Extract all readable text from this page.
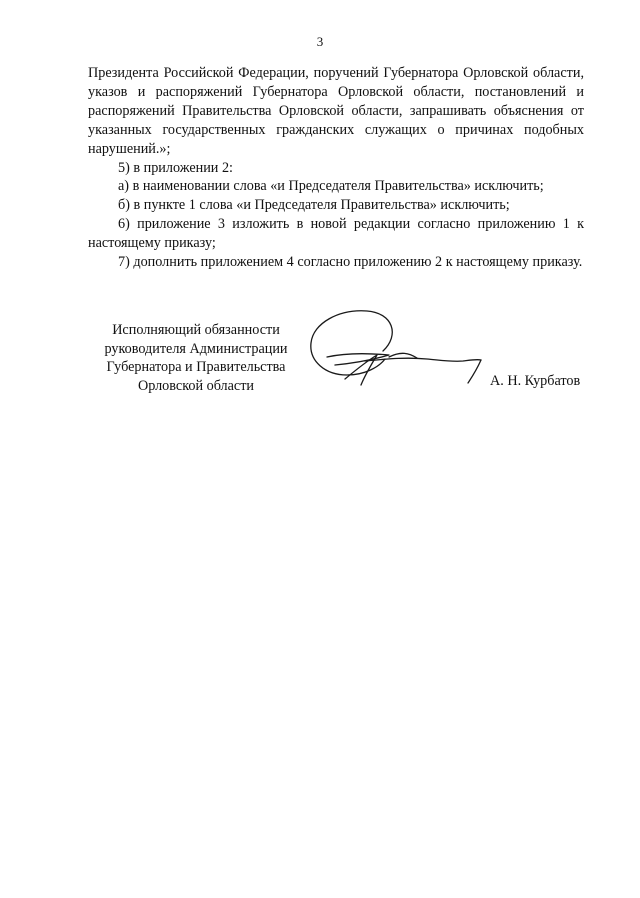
3

Президента Российской Федерации, поручений Губернатора Орловской области, указов и распоряжений Губернатора Орловской области, постановлений и распоряжений Правительства Орловской области, запрашивать объяснения от указанных государственных гражданских служащих о причинах подобных нарушений.»;

5) в приложении 2:

а) в наименовании слова «и Председателя Правительства» исключить;

б) в пункте 1 слова «и Председателя Правительства» исключить;

6) приложение 3 изложить в новой редакции согласно приложению 1 к настоящему приказу;

7) дополнить приложением 4 согласно приложению 2 к настоящему приказу.

Исполняющий обязанности
руководителя Администрации
Губернатора и Правительства
Орловской области	А. Н. Курбатов
